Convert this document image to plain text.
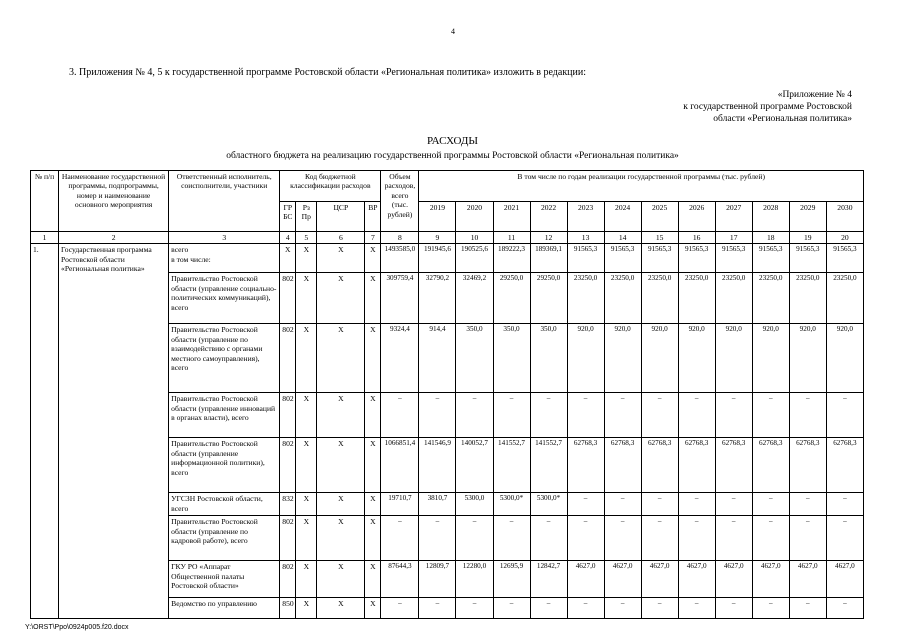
4
3. Приложения № 4, 5 к государственной программе Ростовской области «Региональная политика» изложить в редакции:
«Приложение № 4
к государственной программе Ростовской
области «Региональная политика»
РАСХОДЫ
областного бюджета на реализацию государственной программы Ростовской области «Региональная политика»
№ п/п	Наименование государственной программы, подпрограммы, номер и наименование основного мероприятия	Ответственный исполнитель, соисполнители, участники	Код бюджетной классификации расходов				Объем расходов, всего (тыс. рублей)	В том числе по годам реализации государственной программы (тыс. рублей)											
			ГР БС	Рз Пр	ЦСР	ВР		2019	2020	2021	2022	2023	2024	2025	2026	2027	2028	2029	2030
1	2	3	4	5	6	7	8	9	10	11	12	13	14	15	16	17	18	19	20
1.	Государственная программа Ростовской области «Региональная политика»	всего
в том числе:	X	X	X	X	1493585,0	191945,6	190525,6	189222,3	189369,1	91565,3	91565,3	91565,3	91565,3	91565,3	91565,3	91565,3	91565,3
		Правительство Ростовской области (управление социально-политических коммуникаций), всего	802	X	X	X	309759,4	32790,2	32469,2	29250,0	29250,0	23250,0	23250,0	23250,0	23250,0	23250,0	23250,0	23250,0	23250,0
		Правительство Ростовской области (управление по взаимодействию с органами местного самоуправления), всего	802	X	X	X	9324,4	914,4	350,0	350,0	350,0	920,0	920,0	920,0	920,0	920,0	920,0	920,0	920,0
		Правительство Ростовской области (управление инноваций в органах власти), всего	802	X	X	X	–	–	–	–	–	–	–	–	–	–	–	–	–
		Правительство Ростовской области (управление информационной политики), всего	802	X	X	X	1066851,4	141546,9	140052,7	141552,7	141552,7	62768,3	62768,3	62768,3	62768,3	62768,3	62768,3	62768,3	62768,3
		УГСЗН Ростовской области, всего	832	X	X	X	19710,7	3810,7	5300,0	5300,0*	5300,0*	–	–	–	–	–	–	–	–
		Правительство Ростовской области (управление по кадровой работе), всего	802	X	X	X	–	–	–	–	–	–	–	–	–	–	–	–	–
		ГКУ РО «Аппарат Общественной палаты Ростовской области»	802	X	X	X	87644,3	12809,7	12280,0	12695,9	12842,7	4627,0	4627,0	4627,0	4627,0	4627,0	4627,0	4627,0	4627,0
		Ведомство по управлению	850	X	X	X	–	–	–	–	–	–	–	–	–	–	–	–	–
Y:\ORST\Ppo\0924p005.f20.docx
